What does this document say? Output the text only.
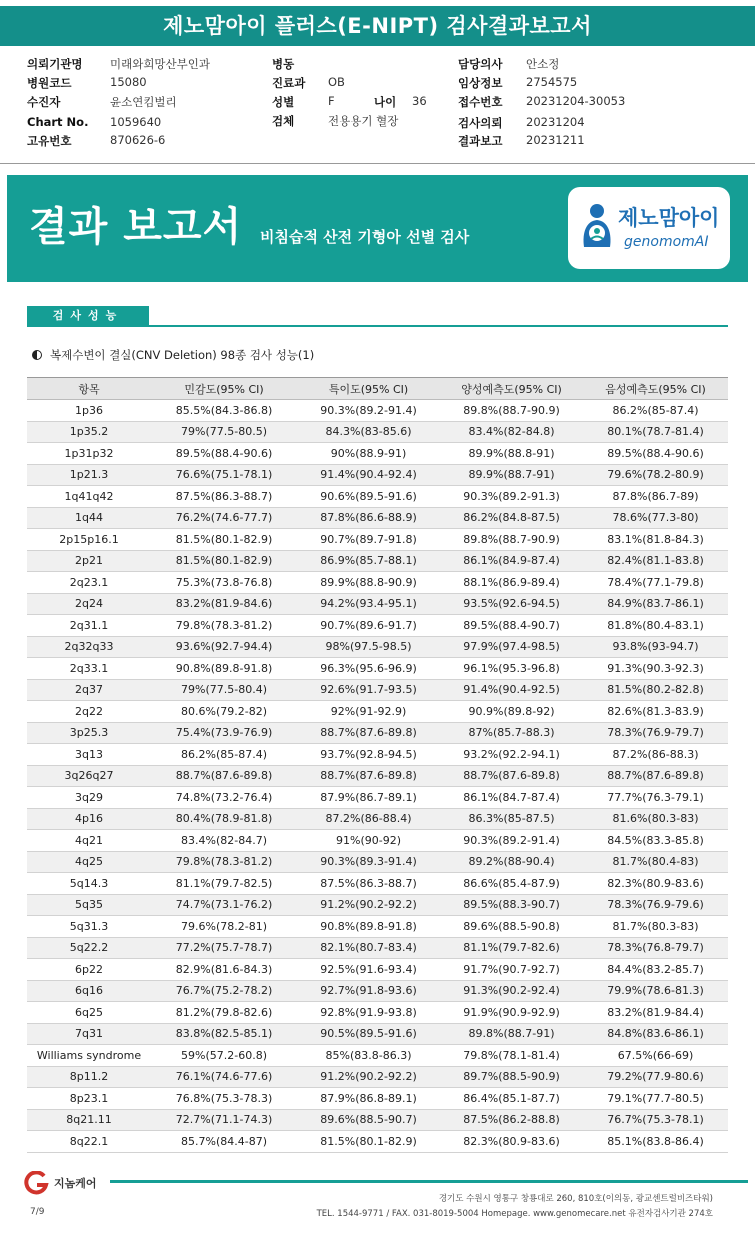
제노맘아이 플러스(E-NIPT) 검사결과보고서
의뢰기관명 미래와희망산부인과
병원코드	15080
수진자	윤소연킴벌리
Chart No. 1059640
고유번호	870626-6
병동
진료과 OB
성별	F	나이 36
검체	전용용기 혈장
담당의사 안소정
임상정보 2754575
접수번호 20231204-30053
검사의뢰 20231204
결과보고 20231211
결과 보고서 비침습적 산전 기형아 선별 검사
제노맘아이
genomomAI
검사성능
복제수변이 결실(CNV Deletion) 98종 검사 성능(1)
항목	민감도(95% CI)	특이도(95% CI)	양성예측도(95% CI)	음성예측도(95% CI)
1p36	85.5%(84.3-86.8)	90.3%(89.2-91.4)	89.8%(88.7-90.9)	86.2%(85-87.4)
1p35.2	79%(77.5-80.5)	84.3%(83-85.6)	83.4%(82-84.8)	80.1%(78.7-81.4)
1p31p32	89.5%(88.4-90.6)	90%(88.9-91)	89.9%(88.8-91)	89.5%(88.4-90.6)
1p21.3	76.6%(75.1-78.1)	91.4%(90.4-92.4)	89.9%(88.7-91)	79.6%(78.2-80.9)
1q41q42	87.5%(86.3-88.7)	90.6%(89.5-91.6)	90.3%(89.2-91.3)	87.8%(86.7-89)
1q44	76.2%(74.6-77.7)	87.8%(86.6-88.9)	86.2%(84.8-87.5)	78.6%(77.3-80)
2p15p16.1	81.5%(80.1-82.9)	90.7%(89.7-91.8)	89.8%(88.7-90.9)	83.1%(81.8-84.3)
2p21	81.5%(80.1-82.9)	86.9%(85.7-88.1)	86.1%(84.9-87.4)	82.4%(81.1-83.8)
2q23.1	75.3%(73.8-76.8)	89.9%(88.8-90.9)	88.1%(86.9-89.4)	78.4%(77.1-79.8)
2q24	83.2%(81.9-84.6)	94.2%(93.4-95.1)	93.5%(92.6-94.5)	84.9%(83.7-86.1)
2q31.1	79.8%(78.3-81.2)	90.7%(89.6-91.7)	89.5%(88.4-90.7)	81.8%(80.4-83.1)
2q32q33	93.6%(92.7-94.4)	98%(97.5-98.5)	97.9%(97.4-98.5)	93.8%(93-94.7)
2q33.1	90.8%(89.8-91.8)	96.3%(95.6-96.9)	96.1%(95.3-96.8)	91.3%(90.3-92.3)
2q37	79%(77.5-80.4)	92.6%(91.7-93.5)	91.4%(90.4-92.5)	81.5%(80.2-82.8)
2q22	80.6%(79.2-82)	92%(91-92.9)	90.9%(89.8-92)	82.6%(81.3-83.9)
3p25.3	75.4%(73.9-76.9)	88.7%(87.6-89.8)	87%(85.7-88.3)	78.3%(76.9-79.7)
3q13	86.2%(85-87.4)	93.7%(92.8-94.5)	93.2%(92.2-94.1)	87.2%(86-88.3)
3q26q27	88.7%(87.6-89.8)	88.7%(87.6-89.8)	88.7%(87.6-89.8)	88.7%(87.6-89.8)
3q29	74.8%(73.2-76.4)	87.9%(86.7-89.1)	86.1%(84.7-87.4)	77.7%(76.3-79.1)
4p16	80.4%(78.9-81.8)	87.2%(86-88.4)	86.3%(85-87.5)	81.6%(80.3-83)
4q21	83.4%(82-84.7)	91%(90-92)	90.3%(89.2-91.4)	84.5%(83.3-85.8)
4q25	79.8%(78.3-81.2)	90.3%(89.3-91.4)	89.2%(88-90.4)	81.7%(80.4-83)
5q14.3	81.1%(79.7-82.5)	87.5%(86.3-88.7)	86.6%(85.4-87.9)	82.3%(80.9-83.6)
5q35	74.7%(73.1-76.2)	91.2%(90.2-92.2)	89.5%(88.3-90.7)	78.3%(76.9-79.6)
5q31.3	79.6%(78.2-81)	90.8%(89.8-91.8)	89.6%(88.5-90.8)	81.7%(80.3-83)
5q22.2	77.2%(75.7-78.7)	82.1%(80.7-83.4)	81.1%(79.7-82.6)	78.3%(76.8-79.7)
6p22	82.9%(81.6-84.3)	92.5%(91.6-93.4)	91.7%(90.7-92.7)	84.4%(83.2-85.7)
6q16	76.7%(75.2-78.2)	92.7%(91.8-93.6)	91.3%(90.2-92.4)	79.9%(78.6-81.3)
6q25	81.2%(79.8-82.6)	92.8%(91.9-93.8)	91.9%(90.9-92.9)	83.2%(81.9-84.4)
7q31	83.8%(82.5-85.1)	90.5%(89.5-91.6)	89.8%(88.7-91)	84.8%(83.6-86.1)
Williams syndrome	59%(57.2-60.8)	85%(83.8-86.3)	79.8%(78.1-81.4)	67.5%(66-69)
8p11.2	76.1%(74.6-77.6)	91.2%(90.2-92.2)	89.7%(88.5-90.9)	79.2%(77.9-80.6)
8p23.1	76.8%(75.3-78.3)	87.9%(86.8-89.1)	86.4%(85.1-87.7)	79.1%(77.7-80.5)
8q21.11	72.7%(71.1-74.3)	89.6%(88.5-90.7)	87.5%(86.2-88.8)	76.7%(75.3-78.1)
8q22.1	85.7%(84.4-87)	81.5%(80.1-82.9)	82.3%(80.9-83.6)	85.1%(83.8-86.4)
지놈케어
7/9
경기도 수원시 영통구 창룡대로 260, 810호(이의동, 광교센트럴비즈타워)
TEL. 1544-9771 / FAX. 031-8019-5004 Homepage. www.genomecare.net 유전자검사기관 274호
